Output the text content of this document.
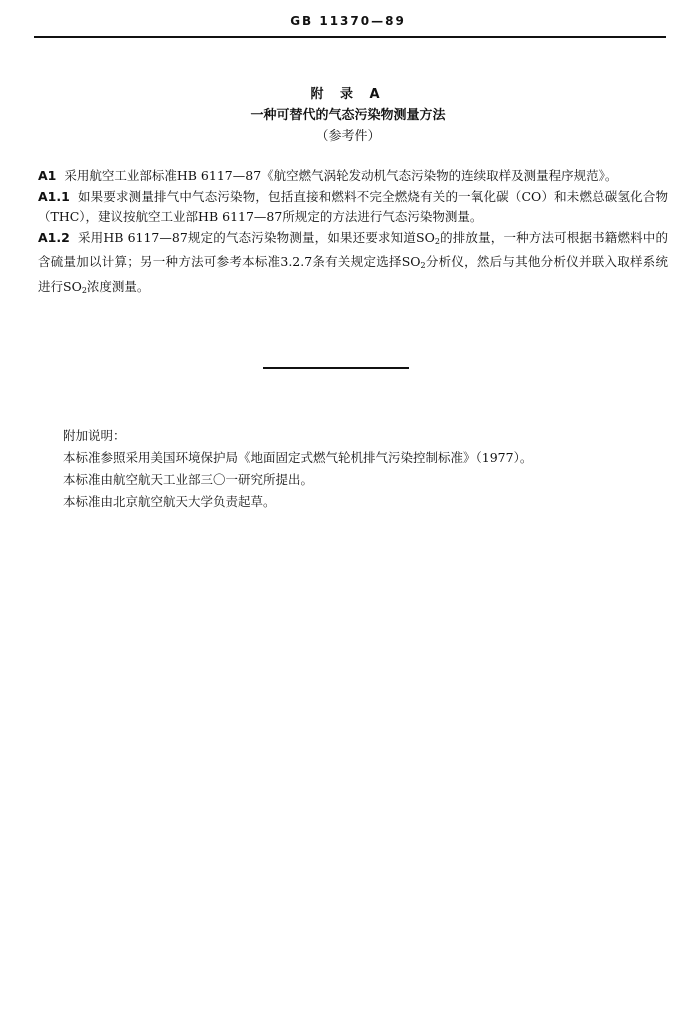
GB 11370—89
附 录 A
一种可替代的气态污染物测量方法
（参考件）

A1 采用航空工业部标准HB 6117—87《航空燃气涡轮发动机气态污染物的连续取样及测量程序规范》。

A1.1 如果要求测量排气中气态污染物，包括直接和燃料不完全燃烧有关的一氧化碳（CO）和未燃总碳氢化合物（THC），建议按航空工业部HB 6117—87所规定的方法进行气态污染物测量。

A1.2 采用HB 6117—87规定的气态污染物测量，如果还要求知道$SO_2$的排放量，一种方法可根据书籍燃料中的含硫量加以计算；另一种方法可参考本标准3.2.7条有关规定选择$SO_2$分析仪，然后与其他分析仪并联入取样系统进行$SO_2$浓度测量。

附加说明：
本标准参照采用美国环境保护局《地面固定式燃气轮机排气污染控制标准》（1977）。
本标准由航空航天工业部三〇一研究所提出。
本标准由北京航空航天大学负责起草。
